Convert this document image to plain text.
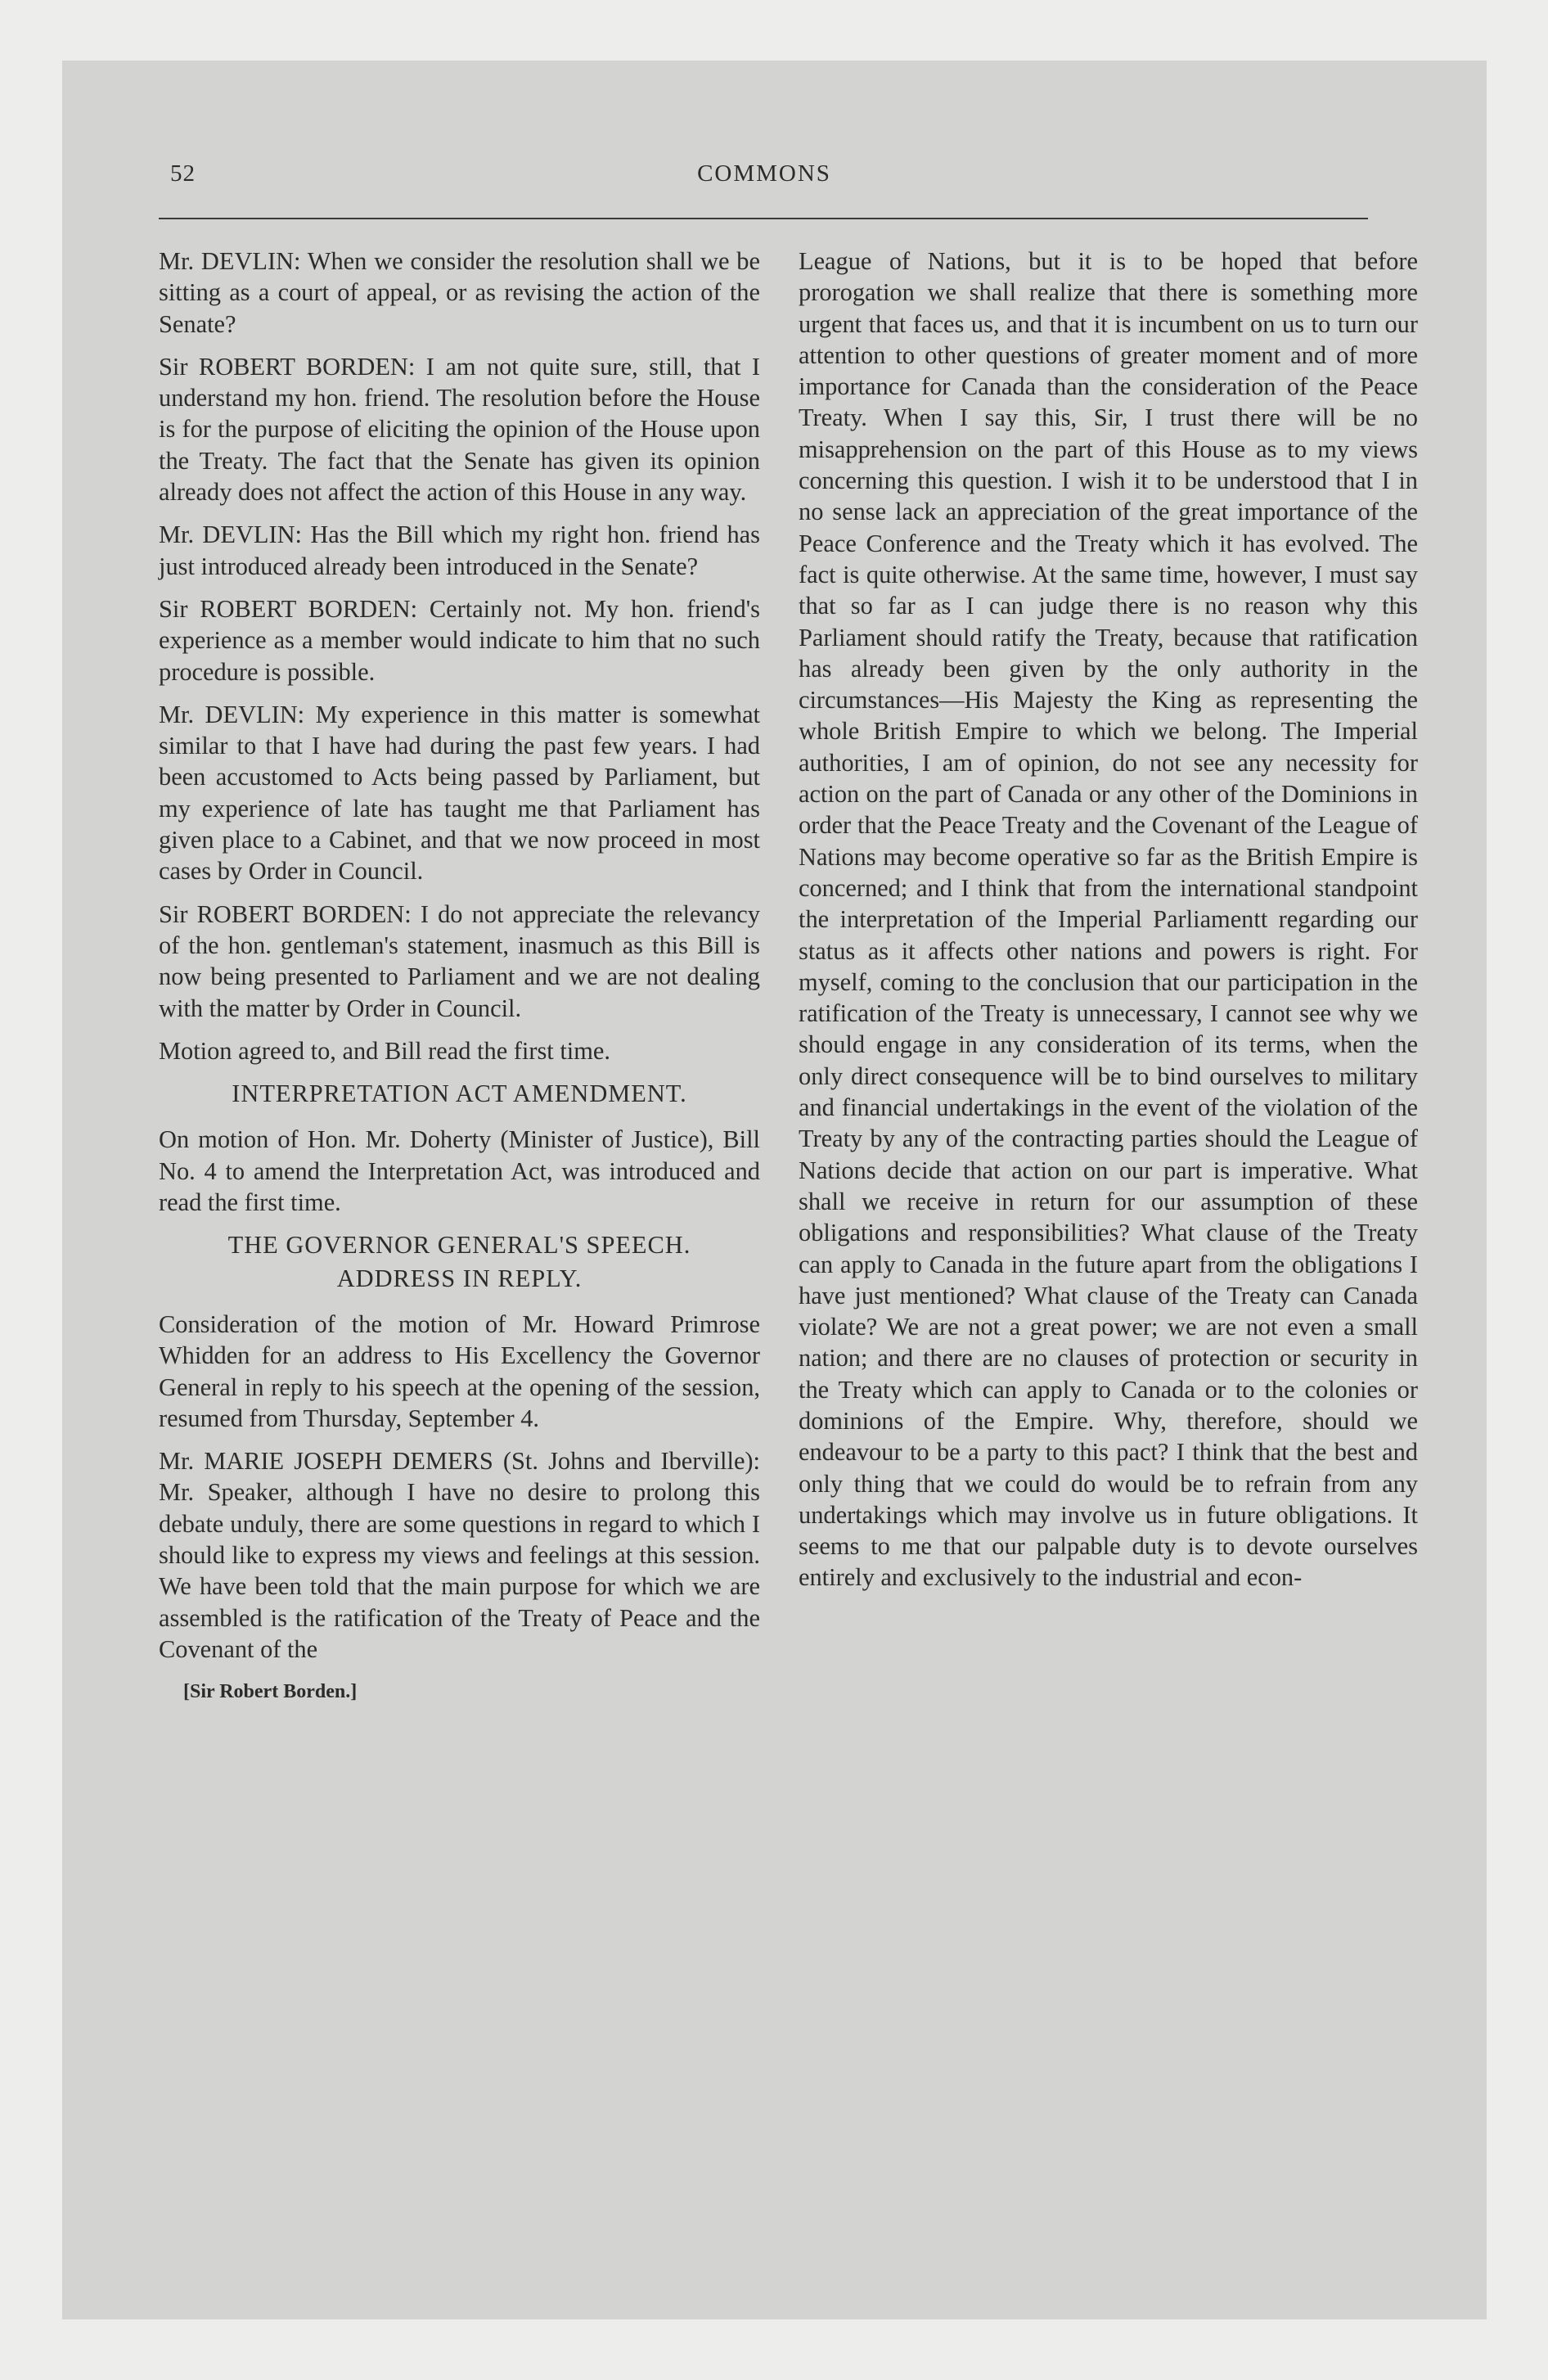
52	COMMONS

Mr. DEVLIN: When we consider the resolution shall we be sitting as a court of appeal, or as revising the action of the Senate?

Sir ROBERT BORDEN: I am not quite sure, still, that I understand my hon. friend. The resolution before the House is for the purpose of eliciting the opinion of the House upon the Treaty. The fact that the Senate has given its opinion already does not affect the action of this House in any way.

Mr. DEVLIN: Has the Bill which my right hon. friend has just introduced already been introduced in the Senate?

Sir ROBERT BORDEN: Certainly not. My hon. friend's experience as a member would indicate to him that no such procedure is possible.

Mr. DEVLIN: My experience in this matter is somewhat similar to that I have had during the past few years. I had been accustomed to Acts being passed by Parliament, but my experience of late has taught me that Parliament has given place to a Cabinet, and that we now proceed in most cases by Order in Council.

Sir ROBERT BORDEN: I do not appreciate the relevancy of the hon. gentleman's statement, inasmuch as this Bill is now being presented to Parliament and we are not dealing with the matter by Order in Council.

Motion agreed to, and Bill read the first time.

INTERPRETATION ACT AMENDMENT.

On motion of Hon. Mr. Doherty (Minister of Justice), Bill No. 4 to amend the Interpretation Act, was introduced and read the first time.

THE GOVERNOR GENERAL'S SPEECH.
ADDRESS IN REPLY.

Consideration of the motion of Mr. Howard Primrose Whidden for an address to His Excellency the Governor General in reply to his speech at the opening of the session, resumed from Thursday, September 4.

Mr. MARIE JOSEPH DEMERS (St. Johns and Iberville): Mr. Speaker, although I have no desire to prolong this debate unduly, there are some questions in regard to which I should like to express my views and feelings at this session. We have been told that the main purpose for which we are assembled is the ratification of the Treaty of Peace and the Covenant of the

[Sir Robert Borden.]

League of Nations, but it is to be hoped that before prorogation we shall realize that there is something more urgent that faces us, and that it is incumbent on us to turn our attention to other questions of greater moment and of more importance for Canada than the consideration of the Peace Treaty. When I say this, Sir, I trust there will be no misapprehension on the part of this House as to my views concerning this question. I wish it to be understood that I in no sense lack an appreciation of the great importance of the Peace Conference and the Treaty which it has evolved. The fact is quite otherwise. At the same time, however, I must say that so far as I can judge there is no reason why this Parliament should ratify the Treaty, because that ratification has already been given by the only authority in the circumstances—His Majesty the King as representing the whole British Empire to which we belong. The Imperial authorities, I am of opinion, do not see any necessity for action on the part of Canada or any other of the Dominions in order that the Peace Treaty and the Covenant of the League of Nations may become operative so far as the British Empire is concerned; and I think that from the international standpoint the interpretation of the Imperial Parliamentt regarding our status as it affects other nations and powers is right. For myself, coming to the conclusion that our participation in the ratification of the Treaty is unnecessary, I cannot see why we should engage in any consideration of its terms, when the only direct consequence will be to bind ourselves to military and financial undertakings in the event of the violation of the Treaty by any of the contracting parties should the League of Nations decide that action on our part is imperative. What shall we receive in return for our assumption of these obligations and responsibilities? What clause of the Treaty can apply to Canada in the future apart from the obligations I have just mentioned? What clause of the Treaty can Canada violate? We are not a great power; we are not even a small nation; and there are no clauses of protection or security in the Treaty which can apply to Canada or to the colonies or dominions of the Empire. Why, therefore, should we endeavour to be a party to this pact? I think that the best and only thing that we could do would be to refrain from any undertakings which may involve us in future obligations. It seems to me that our palpable duty is to devote ourselves entirely and exclusively to the industrial and econ-
